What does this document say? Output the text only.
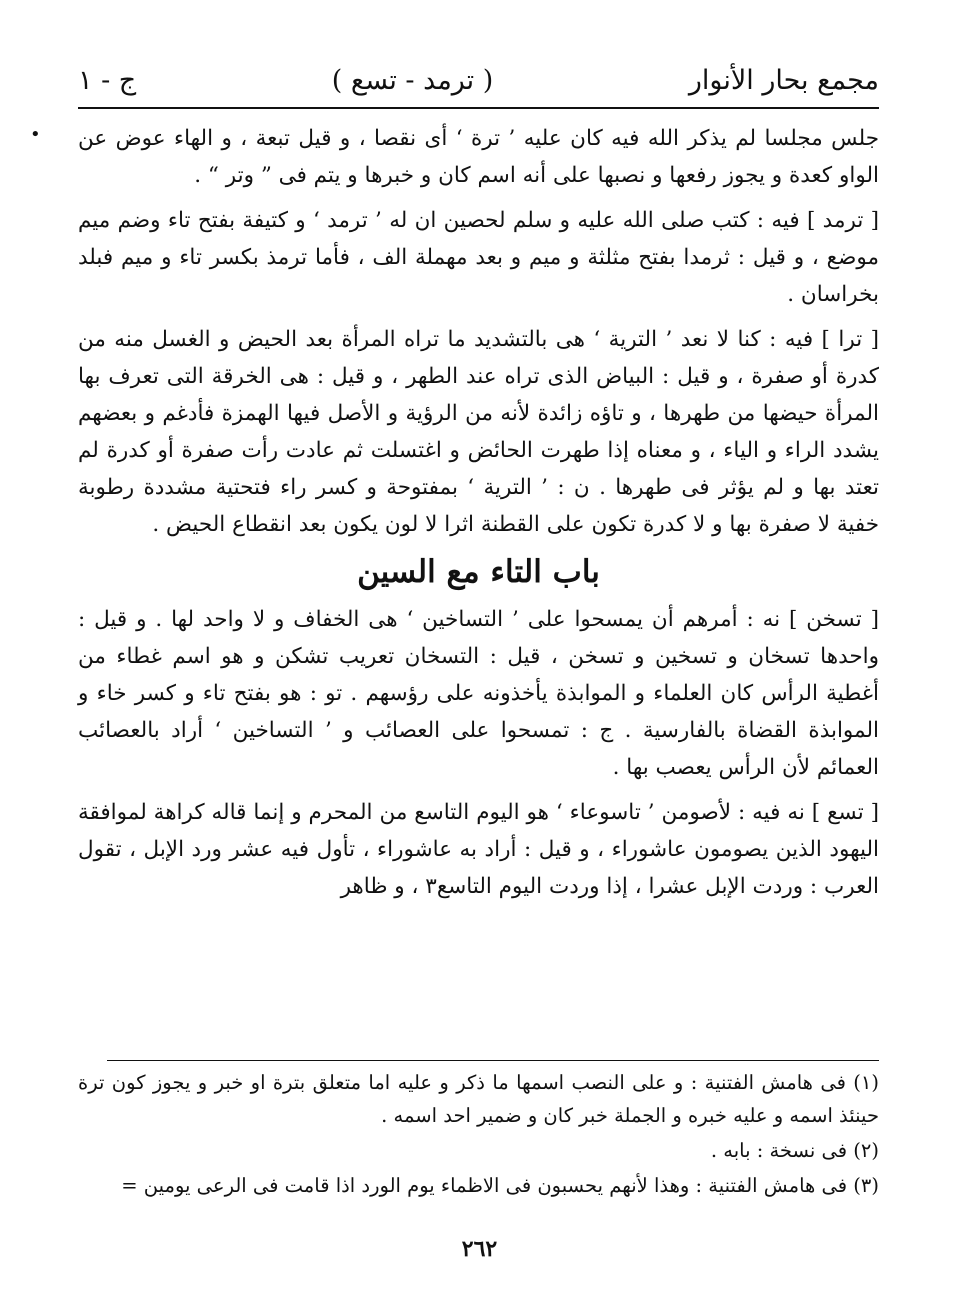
مجمع بحار الأنوار
( ترمد - تسع )
ج - ١
• جلس مجلسا لم يذكر الله فيه كان عليه ’ ترة ‘ أى نقصا ، و قيل تبعة ، و الهاء عوض عن الواو كعدة و يجوز رفعها و نصبها على أنه اسم كان و خبرها و يتم فى ” وتر “ .

[ ترمد ] فيه : كتب صلى الله عليه و سلم لحصين ان له ’ ترمد ‘ و كتيفة بفتح تاء وضم ميم موضع ، و قيل : ثرمدا بفتح مثلثة و ميم و بعد مهملة الف ، فأما ترمذ بكسر تاء و ميم فبلد بخراسان .

[ ترا ] فيه : كنا لا نعد ’ الترية ‘ هى بالتشديد ما تراه المرأة بعد الحيض و الغسل منه من كدرة أو صفرة ، و قيل : البياض الذى تراه عند الطهر ، و قيل : هى الخرقة التى تعرف بها المرأة حيضها من طهرها ، و تاؤه زائدة لأنه من الرؤية و الأصل فيها الهمزة فأدغم و بعضهم يشدد الراء و الياء ، و معناه إذا طهرت الحائض و اغتسلت ثم عادت رأت صفرة أو كدرة لم تعتد بها و لم يؤثر فى طهرها . ن : ’ الترية ‘ بمفتوحة و كسر راء فتحتية مشددة رطوبة خفية لا صفرة بها و لا كدرة تكون على القطنة اثرا لا لون يكون بعد انقطاع الحيض .

باب التاء مع السين

[ تسخن ] نه : أمرهم أن يمسحوا على ’ التساخين ‘ هى الخفاف و لا واحد لها . و قيل : واحدها تسخان و تسخين و تسخن ، قيل : التسخان تعريب تشكن و هو اسم غطاء من أغطية الرأس كان العلماء و الموابذة يأخذونه على رؤسهم . تو : هو بفتح تاء و كسر خاء و الموابذة القضاة بالفارسية . ج : تمسحوا على العصائب و ’ التساخين ‘ أراد بالعصائب العمائم لأن الرأس يعصب بها .

[ تسع ] نه فيه : لأصومن ’ تاسوعاء ‘ هو اليوم التاسع من المحرم و إنما قاله كراهة لموافقة اليهود الذين يصومون عاشوراء ، و قيل : أراد به عاشوراء ، تأول فيه عشر ورد الإبل ، تقول العرب : وردت الإبل عشرا ، إذا وردت اليوم التاسع٣ ، و ظاهر

(١) فى هامش الفتنية : و على النصب اسمها ما ذكر و عليه اما متعلق بترة او خبر و يجوز كون ترة حينئذ اسمه و عليه خبره و الجملة خبر كان و ضمير احد اسمه .

(٢) فى نسخة : بابه .

(٣) فى هامش الفتنية : وهذا لأنهم يحسبون فى الاظماء يوم الورد اذا قامت فى الرعى يومين =

٢٦٢
